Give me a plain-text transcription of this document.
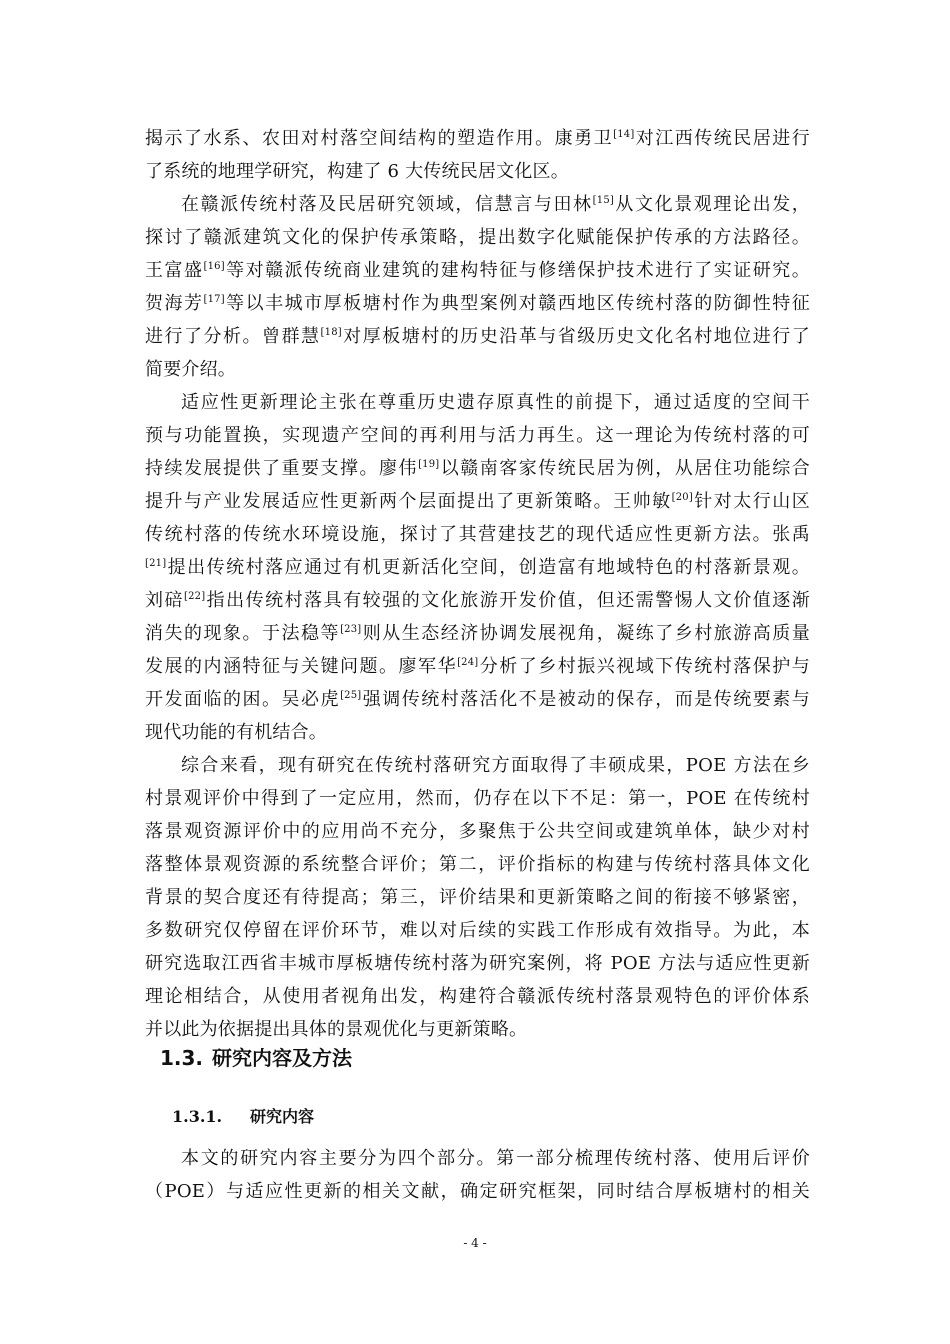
揭示了水系、农田对村落空间结构的塑造作用。康勇卫[14]对江西传统民居进行
了系统的地理学研究，构建了 6 大传统民居文化区。
在赣派传统村落及民居研究领域，信慧言与田林[15]从文化景观理论出发，
探讨了赣派建筑文化的保护传承策略，提出数字化赋能保护传承的方法路径。
王富盛[16]等对赣派传统商业建筑的建构特征与修缮保护技术进行了实证研究。
贺海芳[17]等以丰城市厚板塘村作为典型案例对赣西地区传统村落的防御性特征
进行了分析。曾群慧[18]对厚板塘村的历史沿革与省级历史文化名村地位进行了
简要介绍。
适应性更新理论主张在尊重历史遗存原真性的前提下，通过适度的空间干
预与功能置换，实现遗产空间的再利用与活力再生。这一理论为传统村落的可
持续发展提供了重要支撑。廖伟[19]以赣南客家传统民居为例，从居住功能综合
提升与产业发展适应性更新两个层面提出了更新策略。王帅敏[20]针对太行山区
传统村落的传统水环境设施，探讨了其营建技艺的现代适应性更新方法。张禹
[21]提出传统村落应通过有机更新活化空间，创造富有地域特色的村落新景观。
刘碚[22]指出传统村落具有较强的文化旅游开发价值，但还需警惕人文价值逐渐
消失的现象。于法稳等[23]则从生态经济协调发展视角，凝练了乡村旅游高质量
发展的内涵特征与关键问题。廖军华[24]分析了乡村振兴视域下传统村落保护与
开发面临的困。吴必虎[25]强调传统村落活化不是被动的保存，而是传统要素与
现代功能的有机结合。
综合来看，现有研究在传统村落研究方面取得了丰硕成果，POE 方法在乡
村景观评价中得到了一定应用，然而，仍存在以下不足：第一，POE 在传统村
落景观资源评价中的应用尚不充分，多聚焦于公共空间或建筑单体，缺少对村
落整体景观资源的系统整合评价；第二，评价指标的构建与传统村落具体文化
背景的契合度还有待提高；第三，评价结果和更新策略之间的衔接不够紧密，
多数研究仅停留在评价环节，难以对后续的实践工作形成有效指导。为此，本
研究选取江西省丰城市厚板塘传统村落为研究案例，将 POE 方法与适应性更新
理论相结合，从使用者视角出发，构建符合赣派传统村落景观特色的评价体系
并以此为依据提出具体的景观优化与更新策略。
1.3. 研究内容及方法
1.3.1. 研究内容
本文的研究内容主要分为四个部分。第一部分梳理传统村落、使用后评价
（POE）与适应性更新的相关文献，确定研究框架，同时结合厚板塘村的相关
- 4 -
